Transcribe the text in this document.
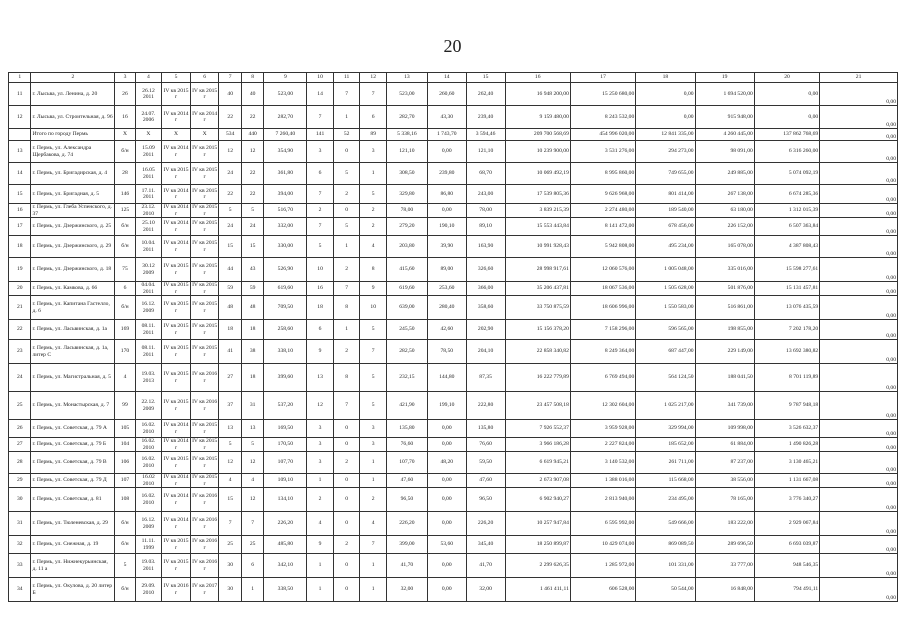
20
1	2	3	4	5	6	7	8	9	10	11	12	13	14	15	16	17	18	19	20	21
11	г. Лысьва, ул. Ленина, д. 20	26	26.12 2011	IV кв 2015 г	IV кв 2015 г	40	40	523,00	14	7	7	523,00	260,60	262,40	16 948 200,00	15 250 680,00	0,00	1 694 520,00	0,00	0,00
12	г. Лысьва, ул. Строительная, д. 96	16	24.07. 2006	IV кв 2014 г	IV кв 2014 г	22	22	282,70	7	1	6	282,70	43,30	239,40	9 159 480,00	8 243 532,00	0,00	915 948,00	0,00	0,00
	Итого по городу Пермь	X	X	X	X	534	440	7 260,40	141	52	89	5 338,16	1 743,70	3 594,46	209 700 568,69	454 996 020,00	12 841 335,00	4 260 445,00	137 862 768,69	0,00
13	г. Пермь, ул. Александра Щербакова, д. 74	б/н	15.09 2011	IV кв 2014 г	IV кв 2015 г	12	12	354,90	3	0	3	121,10	0,00	121,10	10 239 900,00	3 531 276,00	294 273,00	98 091,00	6 316 260,00	0,00
14	г. Пермь, ул. Бригадирская, д. 4	28	16.05 2011	IV кв 2015 г	IV кв 2015 г	24	22	361,80	6	5	1	308,50	239,80	68,70	10 069 492,19	8 995 860,00	749 655,00	249 885,00	5 074 092,19	0,00
15	г. Пермь, ул. Бригадная, д. 5	146	17.11. 2011	IV кв 2014 г	IV кв 2015 г	22	22	394,00	7	2	5	329,80	86,80	243,00	17 539 805,36	9 626 968,00	801 414,00	267 138,00	6 674 285,36	0,00
16	г. Пермь, ул. Глеба Успенского, д. 37	125	23.12. 2010	IV кв 2014 г	IV кв 2015 г	5	5	516,70	2	0	2	78,00	0,00	78,00	3 839 215,39	2 274 480,00	189 540,00	63 180,00	1 312 015,39	0,00
17	г. Пермь, ул. Дзержинского, д. 25	б/н	25.10 2011	IV кв 2014 г	IV кв 2015 г	24	24	332,00	7	5	2	279,20	190,10	89,10	15 553 443,84	8 141 472,00	678 456,00	226 152,00	6 507 363,84	0,00
18	г. Пермь, ул. Дзержинского, д. 29	б/н	10.04. 2011	IV кв 2014 г	IV кв 2015 г	15	15	330,00	5	1	4	203,80	39,90	163,90	10 991 928,43	5 942 808,00	495 234,00	165 078,00	4 387 808,43	0,00
19	г. Пермь, ул. Дзержинского, д. 18	75	30.12 2009	IV кв 2015 г	IV кв 2015 г	44	43	526,90	10	2	8	415,60	89,00	326,60	28 998 917,61	12 060 576,00	1 005 048,00	335 016,00	15 598 277,61	0,00
20	г. Пермь, ул. Камкова, д. 66	6	04.04. 2011	IV кв 2015 г	IV кв 2015 г	59	59	619,60	16	7	9	619,60	253,60	366,00	35 206 437,81	18 067 536,00	1 505 628,00	501 876,00	15 131 457,81	0,00
21	г. Пермь, ул. Капитана Гастелло, д. 6	б/н	16.12. 2009	IV кв 2015 г	IV кв 2015 г	48	48	709,50	18	8	10	639,00	280,40	358,60	33 750 875,59	18 606 996,00	1 550 583,00	516 861,00	13 076 435,59	0,00
22	г. Пермь, ул. Ласьвинская, д. 1а	169	08.11. 2011	IV кв 2015 г	IV кв 2015 г	18	18	258,60	6	1	5	245,50	42,60	202,90	15 156 378,20	7 158 296,00	596 565,00	198 855,00	7 202 178,20	0,00
23	г. Пермь, ул. Ласьвинская, д. 1а, литер С	170	08.11. 2011	IV кв 2015 г	IV кв 2015 г	41	38	338,10	9	2	7	282,50	78,50	204,10	22 858 340,82	8 249 364,00	687 447,00	229 149,00	13 692 380,82	0,00
24	г. Пермь, ул. Магистральная, д. 5	4	19.03. 2013	IV кв 2015 г	IV кв 2016 г	27	18	399,60	13	8	5	232,15	144,80	87,35	16 222 779,89	6 769 494,00	564 124,50	188 041,50	8 701 119,89	0,00
25	г. Пермь, ул. Монастырская, д. 7	99	22.12. 2009	IV кв 2015 г	IV кв 2016 г	37	31	537,20	12	7	5	421,90	199,10	222,80	23 457 508,18	12 302 604,00	1 025 217,00	341 739,00	9 787 948,18	0,00
26	г. Пермь, ул. Советская, д. 79 А	105	16.02. 2010	IV кв 2014 г	IV кв 2015 г	13	13	169,50	3	0	3	135,80	0,00	135,80	7 926 552,37	3 959 928,00	329 994,00	109 998,00	3 526 632,37	0,00
27	г. Пермь, ул. Советская, д. 79 Б	104	16.02. 2010	IV кв 2014 г	IV кв 2015 г	5	5	170,50	3	0	3	76,60	0,00	76,60	3 966 186,28	2 227 824,00	185 652,00	61 884,00	1 490 826,28	0,00
28	г. Пермь, ул. Советская, д. 79 В	106	16.02. 2010	IV кв 2015 г	IV кв 2015 г	12	12	107,70	3	2	1	107,70	48,20	59,50	6 619 945,21	3 140 532,00	261 711,00	87 237,00	3 130 465,21	0,00
29	г. Пермь, ул. Советская, д. 79 Д	107	16.02 2010	IV кв 2014 г	IV кв 2015 г	4	4	109,10	1	0	1	47,60	0,00	47,60	2 673 907,08	1 388 016,00	115 668,00	38 556,00	1 131 667,08	0,00
30	г. Пермь, ул. Советская, д. 81	108	16.02. 2010	IV кв 2014 г	IV кв 2016 г	15	12	134,10	2	0	2	96,50	0,00	96,50	6 902 940,27	2 813 940,00	234 495,00	78 165,00	3 776 340,27	0,00
31	г. Пермь, ул. Тюленевская, д. 29	б/н	16.12. 2009	IV кв 2014 г	IV кв 2016 г	7	7	226,20	4	0	4	226,20	0,00	226,20	10 257 947,84	6 595 992,00	549 666,00	183 222,00	2 929 067,84	0,00
32	г. Пермь, ул. Снежная, д. 19	б/н	11.11. 1999	IV кв 2015 г	IV кв 2016 г	25	25	485,80	9	2	7	399,00	53,60	345,40	18 250 899,87	10 429 074,00	869 089,50	289 696,50	6 693 039,87	0,00
33	г. Пермь, ул. Нижнекурьинская, д. 11 а	5	19.03. 2011	IV кв 2015 г	IV кв 2016 г	30	6	342,10	1	0	1	41,70	0,00	41,70	2 299 626,35	1 285 972,00	101 331,00	33 777,00	948 546,35	0,00
34	г. Пермь, ул. Окулова, д. 20 литер Б	б/н	29.09. 2010	IV кв 2016 г	IV кв 2017 г	30	1	338,50	1	0	1	32,00	0,00	32,00	1 461 411,11	606 528,00	50 544,00	16 848,00	794 491,11	0,00
